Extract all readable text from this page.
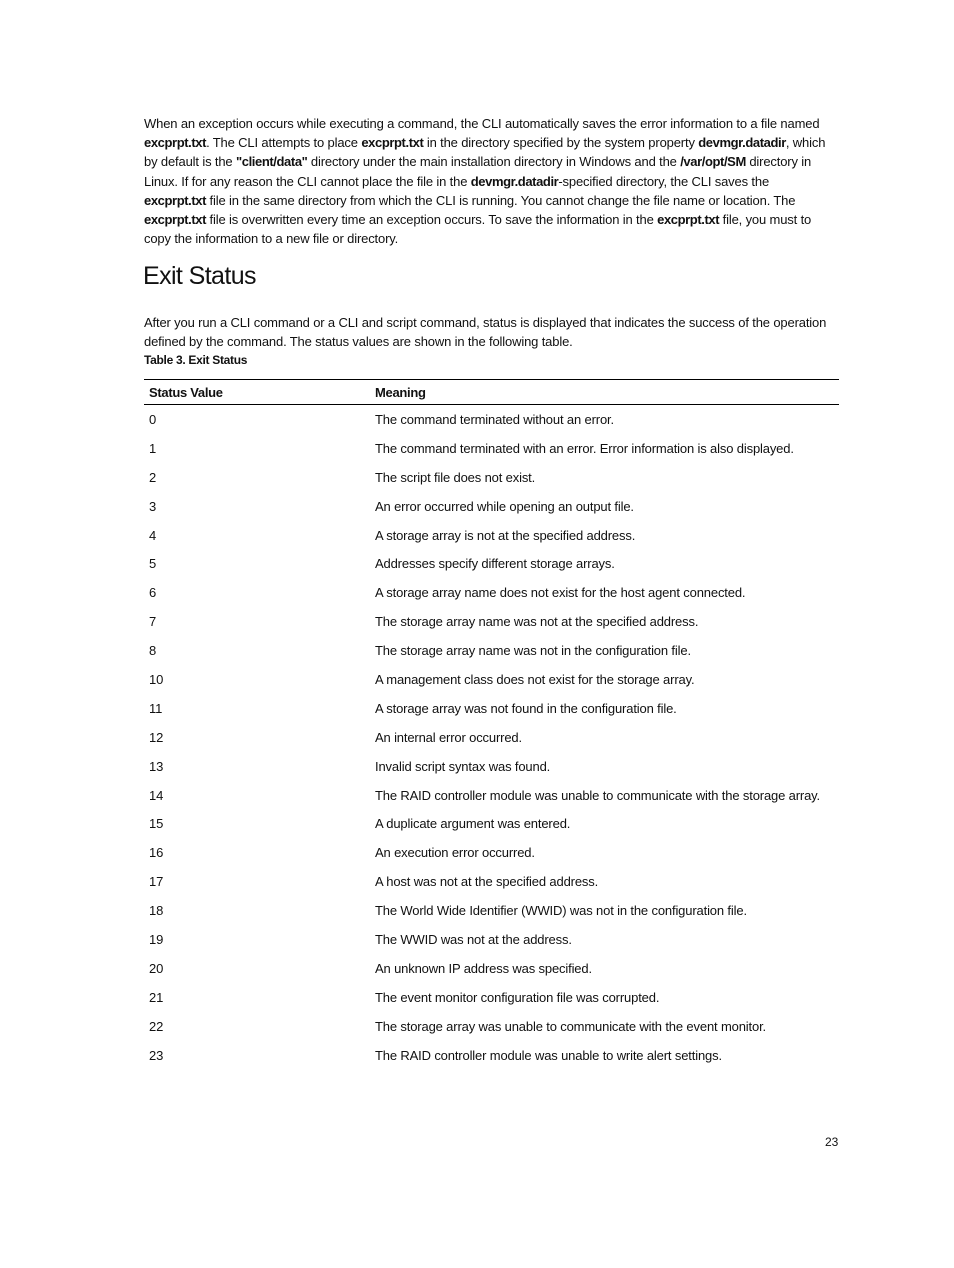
When an exception occurs while executing a command, the CLI automatically saves the error information to a file named excprpt.txt. The CLI attempts to place excprpt.txt in the directory specified by the system property devmgr.datadir, which by default is the "client/data" directory under the main installation directory in Windows and the /var/opt/SM directory in Linux. If for any reason the CLI cannot place the file in the devmgr.datadir-specified directory, the CLI saves the excprpt.txt file in the same directory from which the CLI is running. You cannot change the file name or location. The excprpt.txt file is overwritten every time an exception occurs. To save the information in the excprpt.txt file, you must to copy the information to a new file or directory.
Exit Status
After you run a CLI command or a CLI and script command, status is displayed that indicates the success of the operation defined by the command. The status values are shown in the following table.
Table 3. Exit Status
Status Value	Meaning
0	The command terminated without an error.
1	The command terminated with an error. Error information is also displayed.
2	The script file does not exist.
3	An error occurred while opening an output file.
4	A storage array is not at the specified address.
5	Addresses specify different storage arrays.
6	A storage array name does not exist for the host agent connected.
7	The storage array name was not at the specified address.
8	The storage array name was not in the configuration file.
10	A management class does not exist for the storage array.
11	A storage array was not found in the configuration file.
12	An internal error occurred.
13	Invalid script syntax was found.
14	The RAID controller module was unable to communicate with the storage array.
15	A duplicate argument was entered.
16	An execution error occurred.
17	A host was not at the specified address.
18	The World Wide Identifier (WWID) was not in the configuration file.
19	The WWID was not at the address.
20	An unknown IP address was specified.
21	The event monitor configuration file was corrupted.
22	The storage array was unable to communicate with the event monitor.
23	The RAID controller module was unable to write alert settings.
23
